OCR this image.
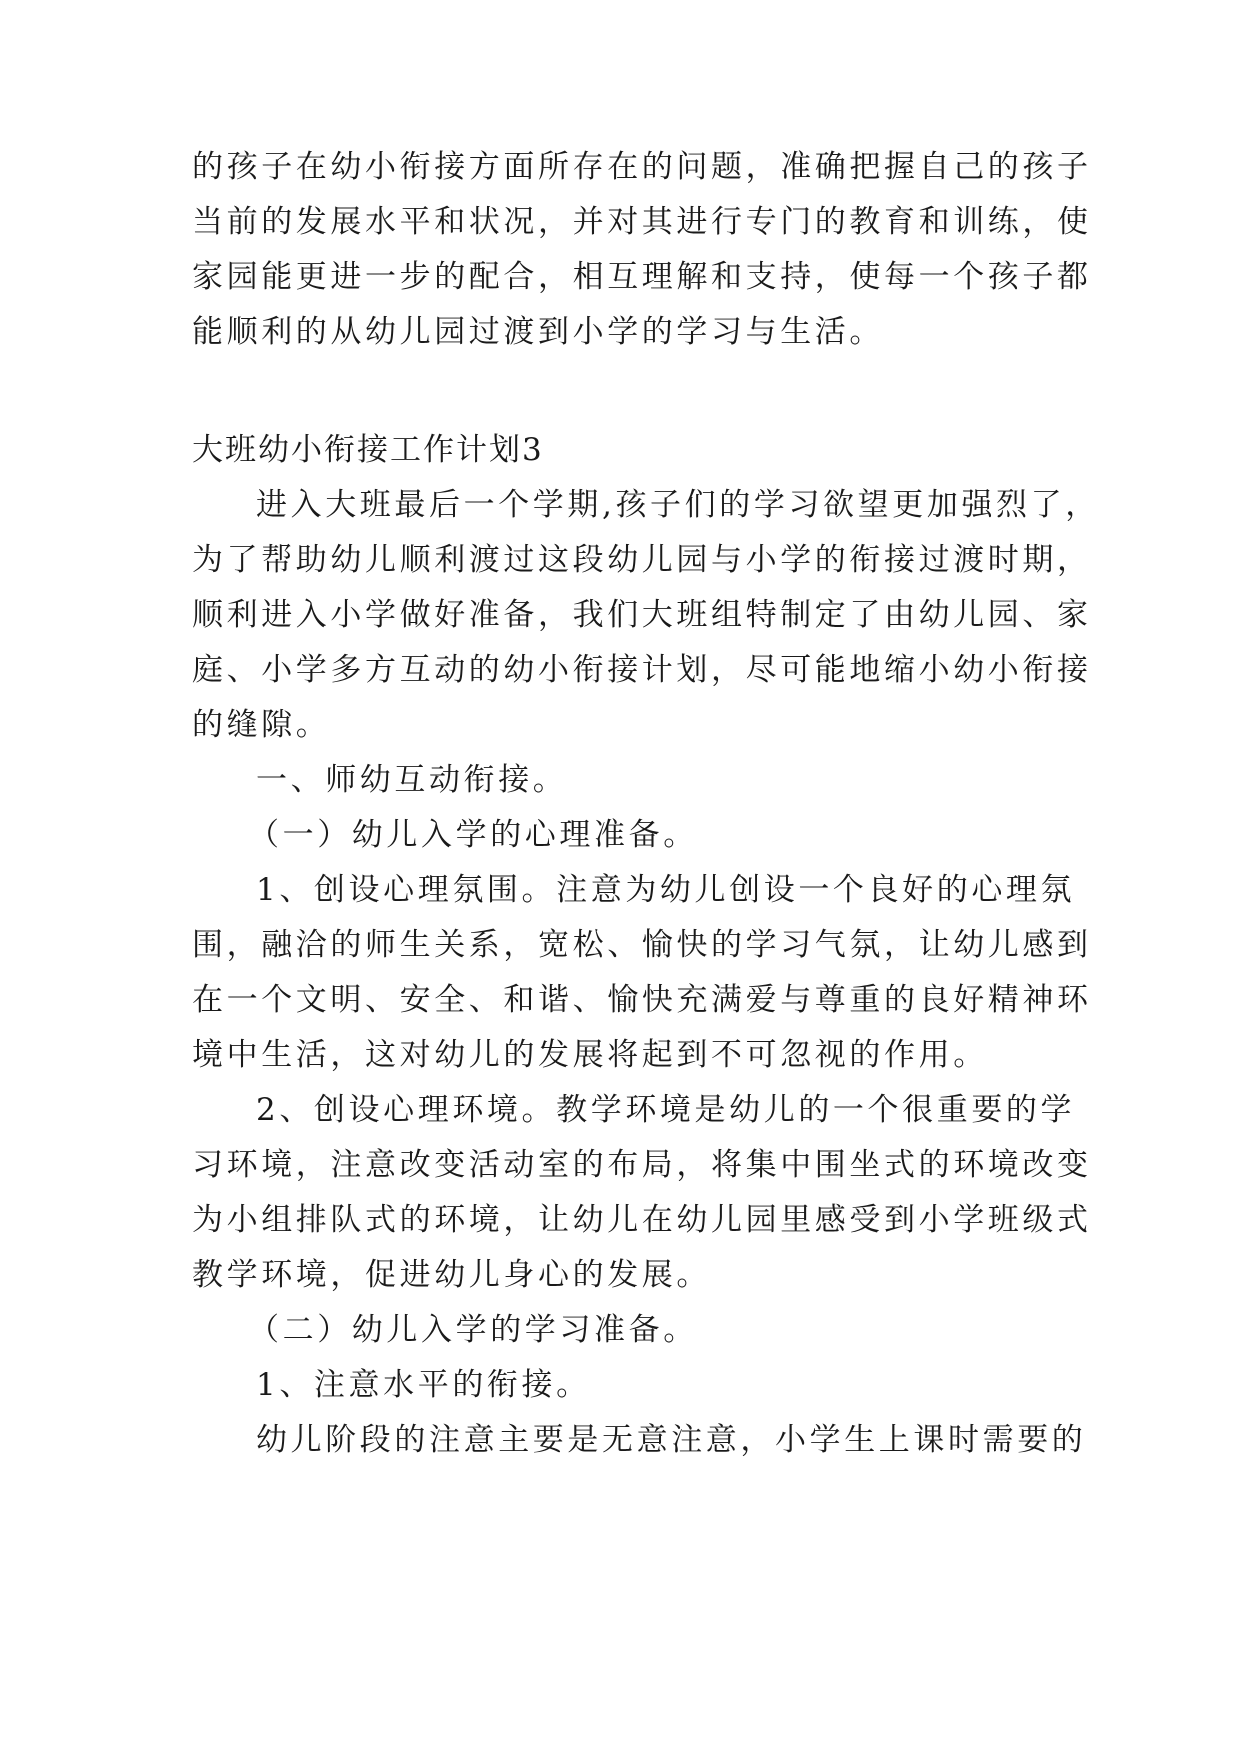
的孩子在幼小衔接方面所存在的问题，准确把握自己的孩子
当前的发展水平和状况，并对其进行专门的教育和训练，使
家园能更进一步的配合，相互理解和支持，使每一个孩子都
能顺利的从幼儿园过渡到小学的学习与生活。
大班幼小衔接工作计划3
进入大班最后一个学期,孩子们的学习欲望更加强烈了，
为了帮助幼儿顺利渡过这段幼儿园与小学的衔接过渡时期，
顺利进入小学做好准备，我们大班组特制定了由幼儿园、家
庭、小学多方互动的幼小衔接计划，尽可能地缩小幼小衔接
的缝隙。
一、师幼互动衔接。
（一）幼儿入学的心理准备。
1、创设心理氛围。注意为幼儿创设一个良好的心理氛
围，融洽的师生关系，宽松、愉快的学习气氛，让幼儿感到
在一个文明、安全、和谐、愉快充满爱与尊重的良好精神环
境中生活，这对幼儿的发展将起到不可忽视的作用。
2、创设心理环境。教学环境是幼儿的一个很重要的学
习环境，注意改变活动室的布局，将集中围坐式的环境改变
为小组排队式的环境，让幼儿在幼儿园里感受到小学班级式
教学环境，促进幼儿身心的发展。
（二）幼儿入学的学习准备。
1、注意水平的衔接。
幼儿阶段的注意主要是无意注意，小学生上课时需要的
